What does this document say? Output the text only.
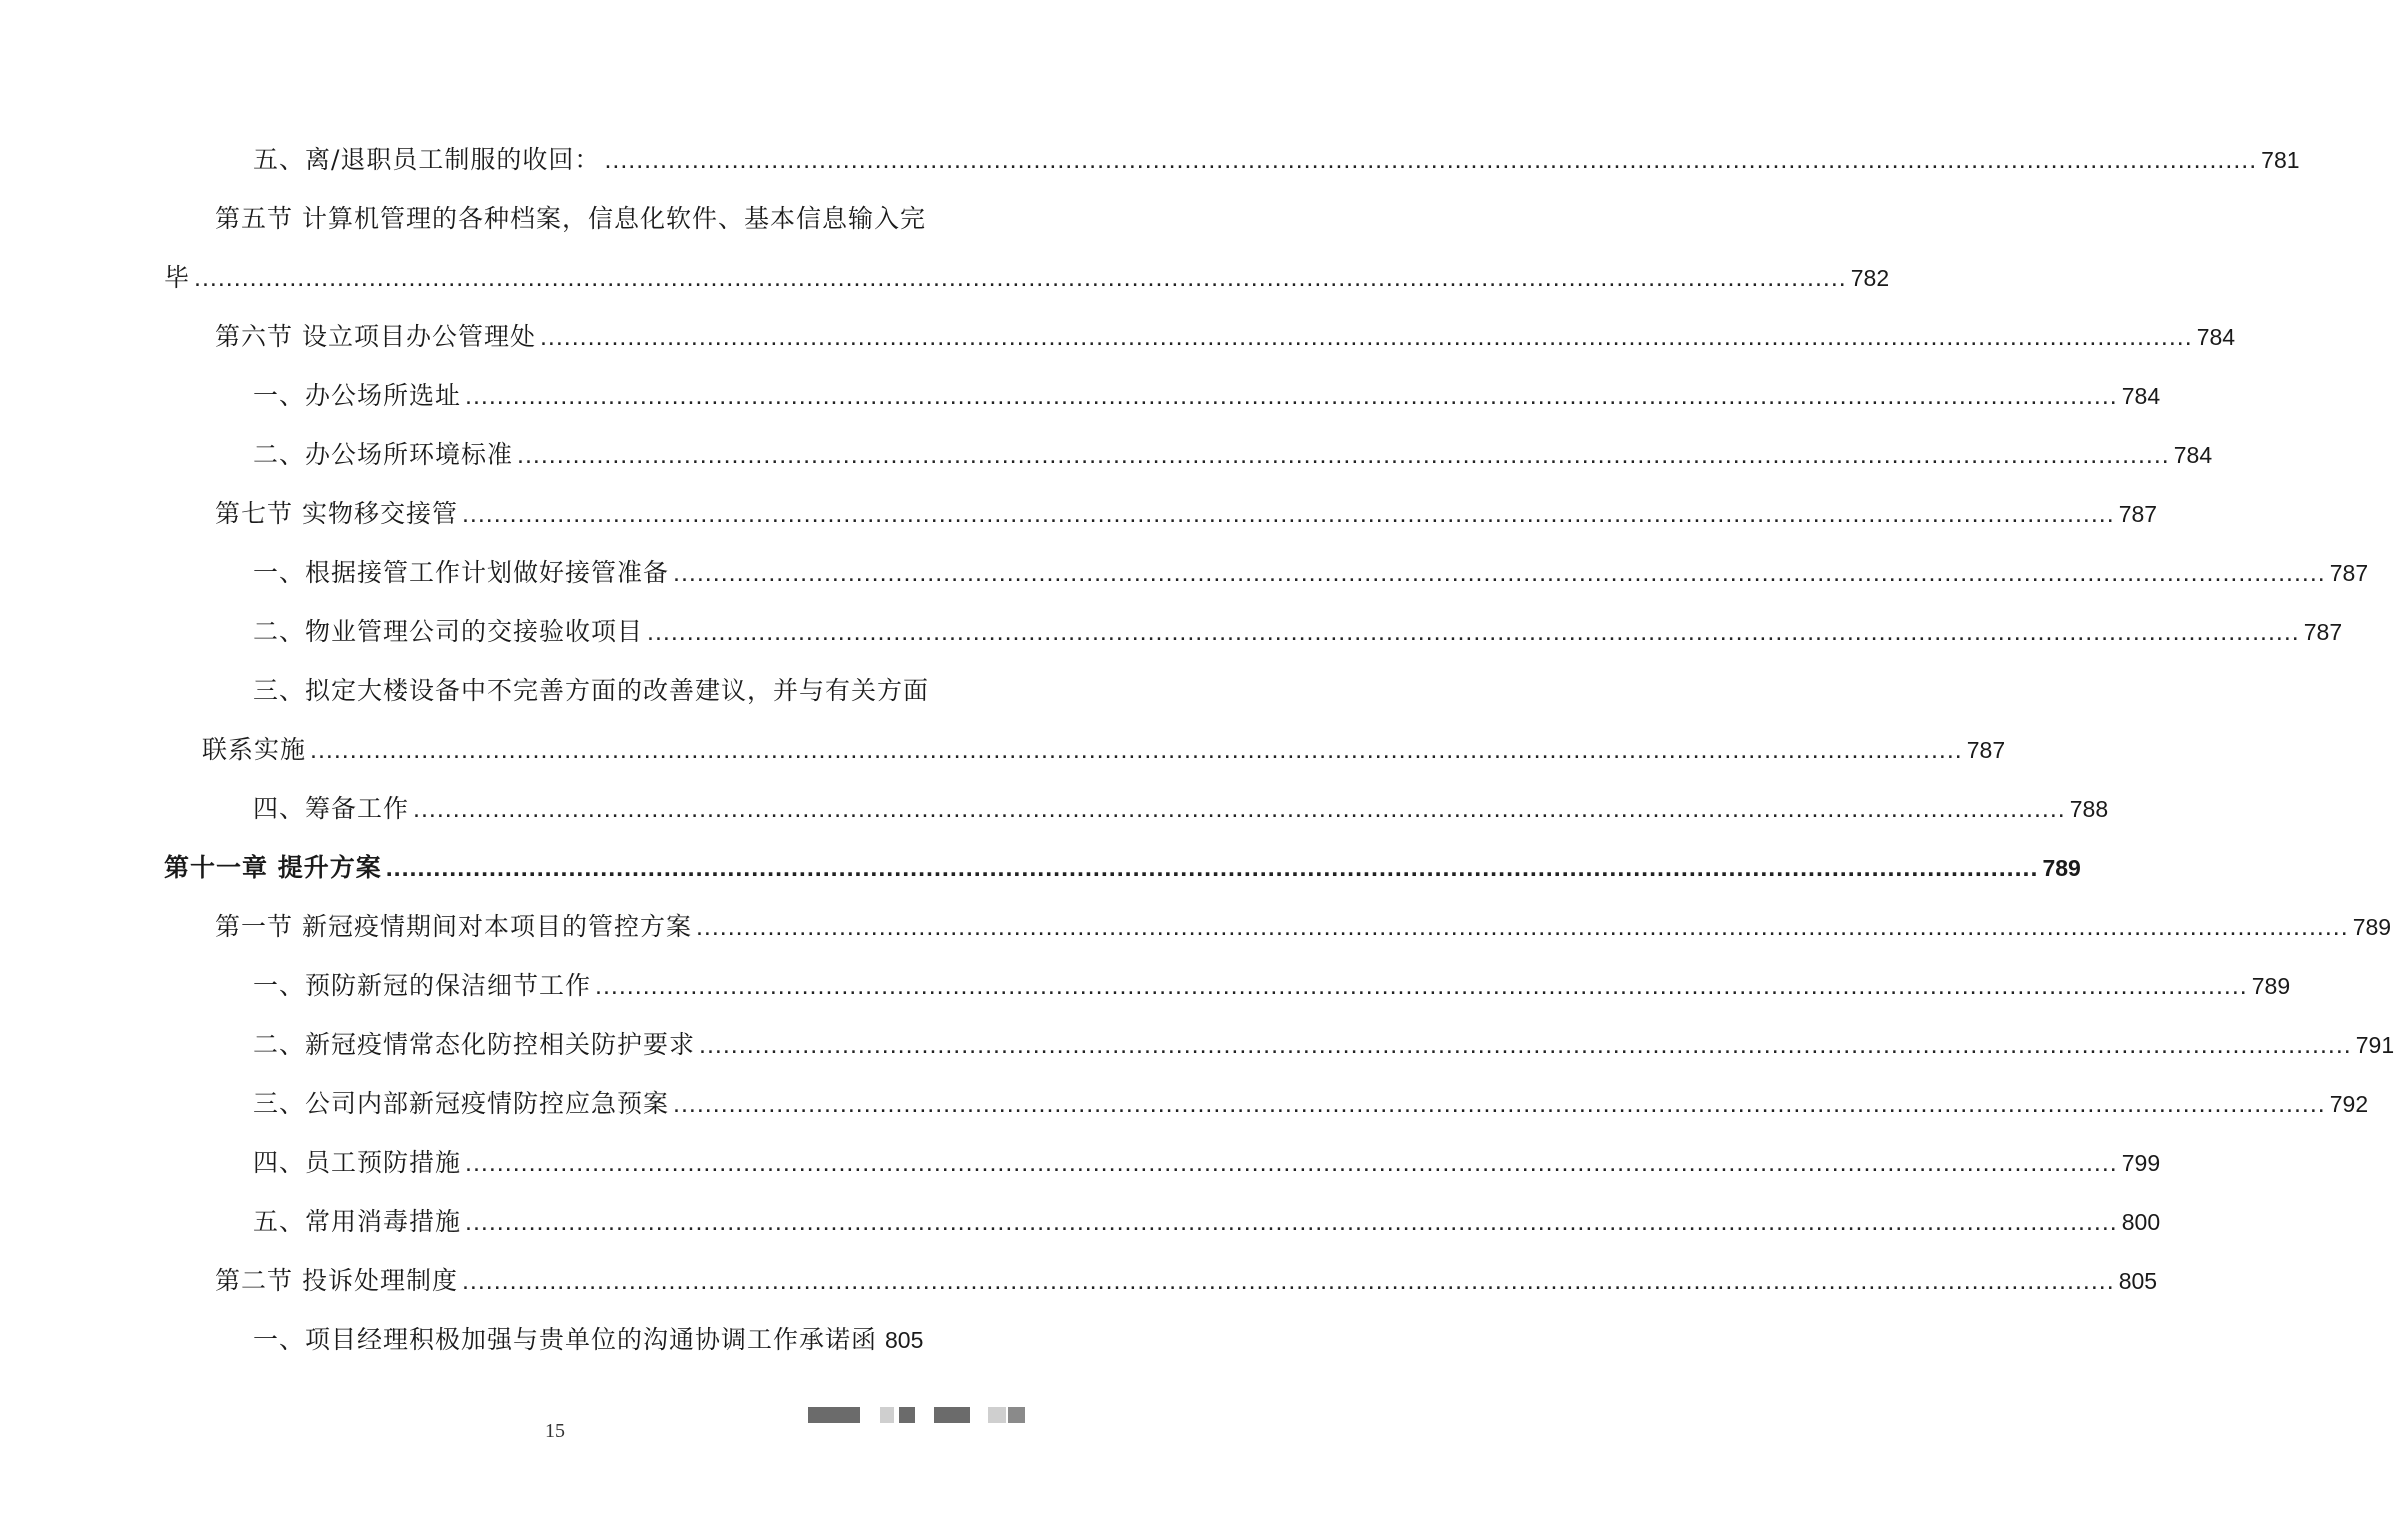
五、离/退职员工制服的收回： .....	781
第五节 计算机管理的各种档案，信息化软件、基本信息输入完
毕 .....	782
第六节 设立项目办公管理处 .....	784
一、办公场所选址 .....	784
二、办公场所环境标准 .....	784
第七节 实物移交接管 .....	787
一、根据接管工作计划做好接管准备 .....	787
二、物业管理公司的交接验收项目 .....	787
三、拟定大楼设备中不完善方面的改善建议，并与有关方面
联系实施 .....	787
四、筹备工作 .....	788
第十一章 提升方案 .....	789
第一节 新冠疫情期间对本项目的管控方案 .....	789
一、预防新冠的保洁细节工作 .....	789
二、新冠疫情常态化防控相关防护要求 .....	791
三、公司内部新冠疫情防控应急预案 .....	792
四、员工预防措施 .....	799
五、常用消毒措施 .....	800
第二节 投诉处理制度 .....	805
一、项目经理积极加强与贵单位的沟通协调工作承诺函 805
15
